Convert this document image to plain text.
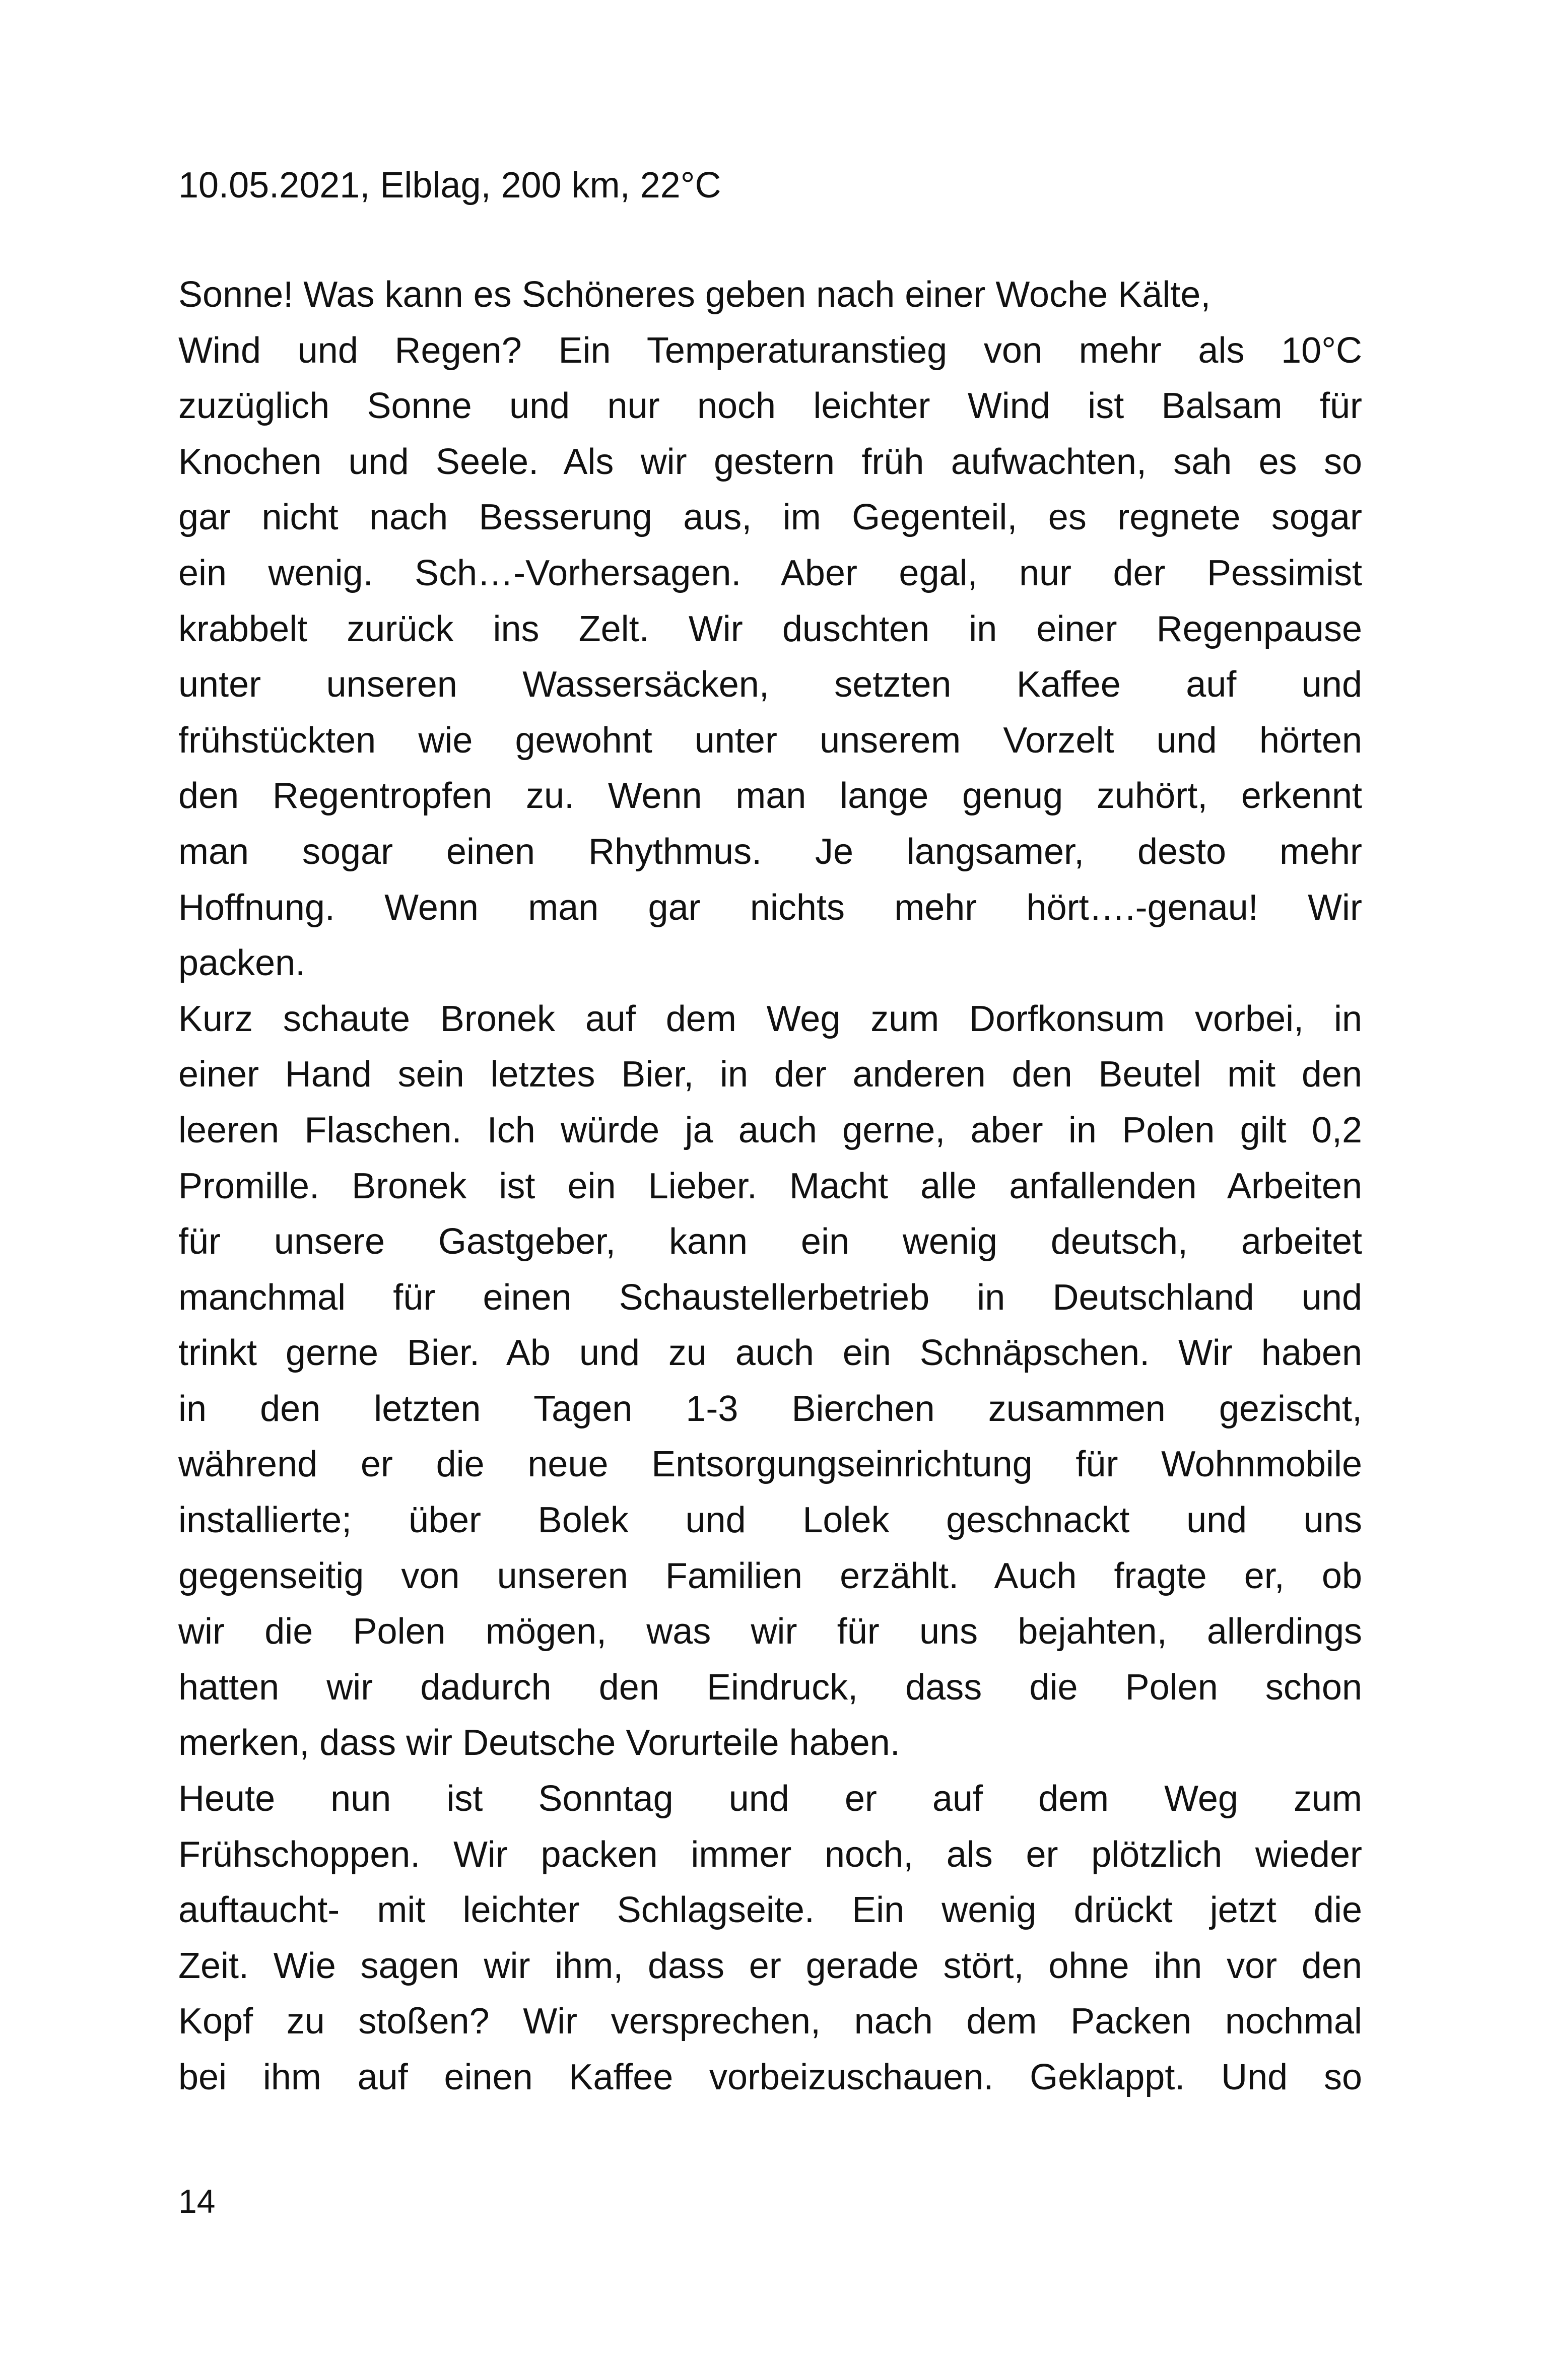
10.05.2021, Elblag, 200 km, 22°C
Sonne! Was kann es Schöneres geben nach einer Woche Kälte,
Wind und Regen? Ein Temperaturanstieg von mehr als 10°C
zuzüglich Sonne und nur noch leichter Wind ist Balsam für
Knochen und Seele. Als wir gestern früh aufwachten, sah es so
gar nicht nach Besserung aus, im Gegenteil, es regnete sogar
ein wenig. Sch…-Vorhersagen. Aber egal, nur der Pessimist
krabbelt zurück ins Zelt. Wir duschten in einer Regenpause
unter unseren Wassersäcken, setzten Kaffee auf und
frühstückten wie gewohnt unter unserem Vorzelt und hörten
den Regentropfen zu. Wenn man lange genug zuhört, erkennt
man sogar einen Rhythmus. Je langsamer, desto mehr
Hoffnung. Wenn man gar nichts mehr hört….-genau! Wir
packen.
Kurz schaute Bronek auf dem Weg zum Dorfkonsum vorbei, in
einer Hand sein letztes Bier, in der anderen den Beutel mit den
leeren Flaschen. Ich würde ja auch gerne, aber in Polen gilt 0,2
Promille. Bronek ist ein Lieber. Macht alle anfallenden Arbeiten
für unsere Gastgeber, kann ein wenig deutsch, arbeitet
manchmal für einen Schaustellerbetrieb in Deutschland und
trinkt gerne Bier. Ab und zu auch ein Schnäpschen. Wir haben
in den letzten Tagen 1-3 Bierchen zusammen gezischt,
während er die neue Entsorgungseinrichtung für Wohnmobile
installierte; über Bolek und Lolek geschnackt und uns
gegenseitig von unseren Familien erzählt. Auch fragte er, ob
wir die Polen mögen, was wir für uns bejahten, allerdings
hatten wir dadurch den Eindruck, dass die Polen schon
merken, dass wir Deutsche Vorurteile haben.
Heute nun ist Sonntag und er auf dem Weg zum
Frühschoppen. Wir packen immer noch, als er plötzlich wieder
auftaucht- mit leichter Schlagseite. Ein wenig drückt jetzt die
Zeit. Wie sagen wir ihm, dass er gerade stört, ohne ihn vor den
Kopf zu stoßen? Wir versprechen, nach dem Packen nochmal
bei ihm auf einen Kaffee vorbeizuschauen. Geklappt. Und so
14
